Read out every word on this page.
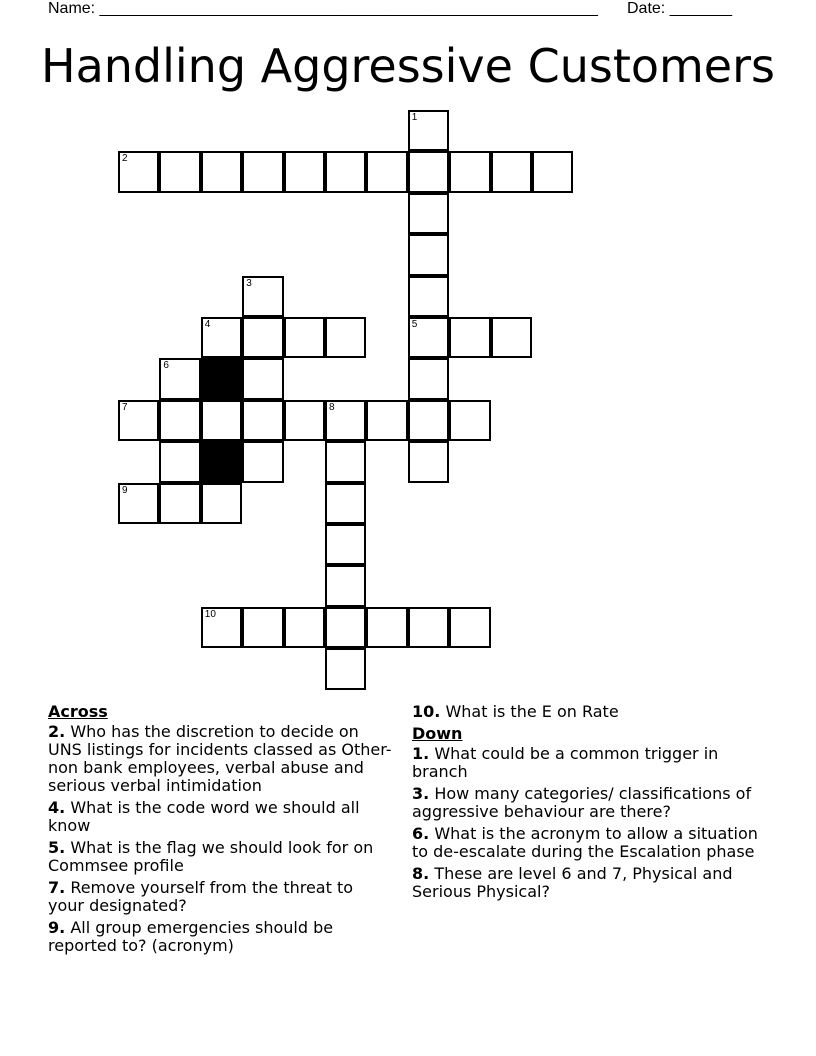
Name: ________________________________________________________ Date: _______
Handling Aggressive Customers
1
2
3
4	5
6
7	8
9
10
Across
2. Who has the discretion to decide on UNS listings for incidents classed as Other-non bank employees, verbal abuse and serious verbal intimidation
4. What is the code word we should all know
5. What is the flag we should look for on Commsee profile
7. Remove yourself from the threat to your designated?
9. All group emergencies should be reported to? (acronym)
10. What is the E on Rate
Down
1. What could be a common trigger in branch
3. How many categories/ classifications of aggressive behaviour are there?
6. What is the acronym to allow a situation to de-escalate during the Escalation phase
8. These are level 6 and 7, Physical and Serious Physical?
